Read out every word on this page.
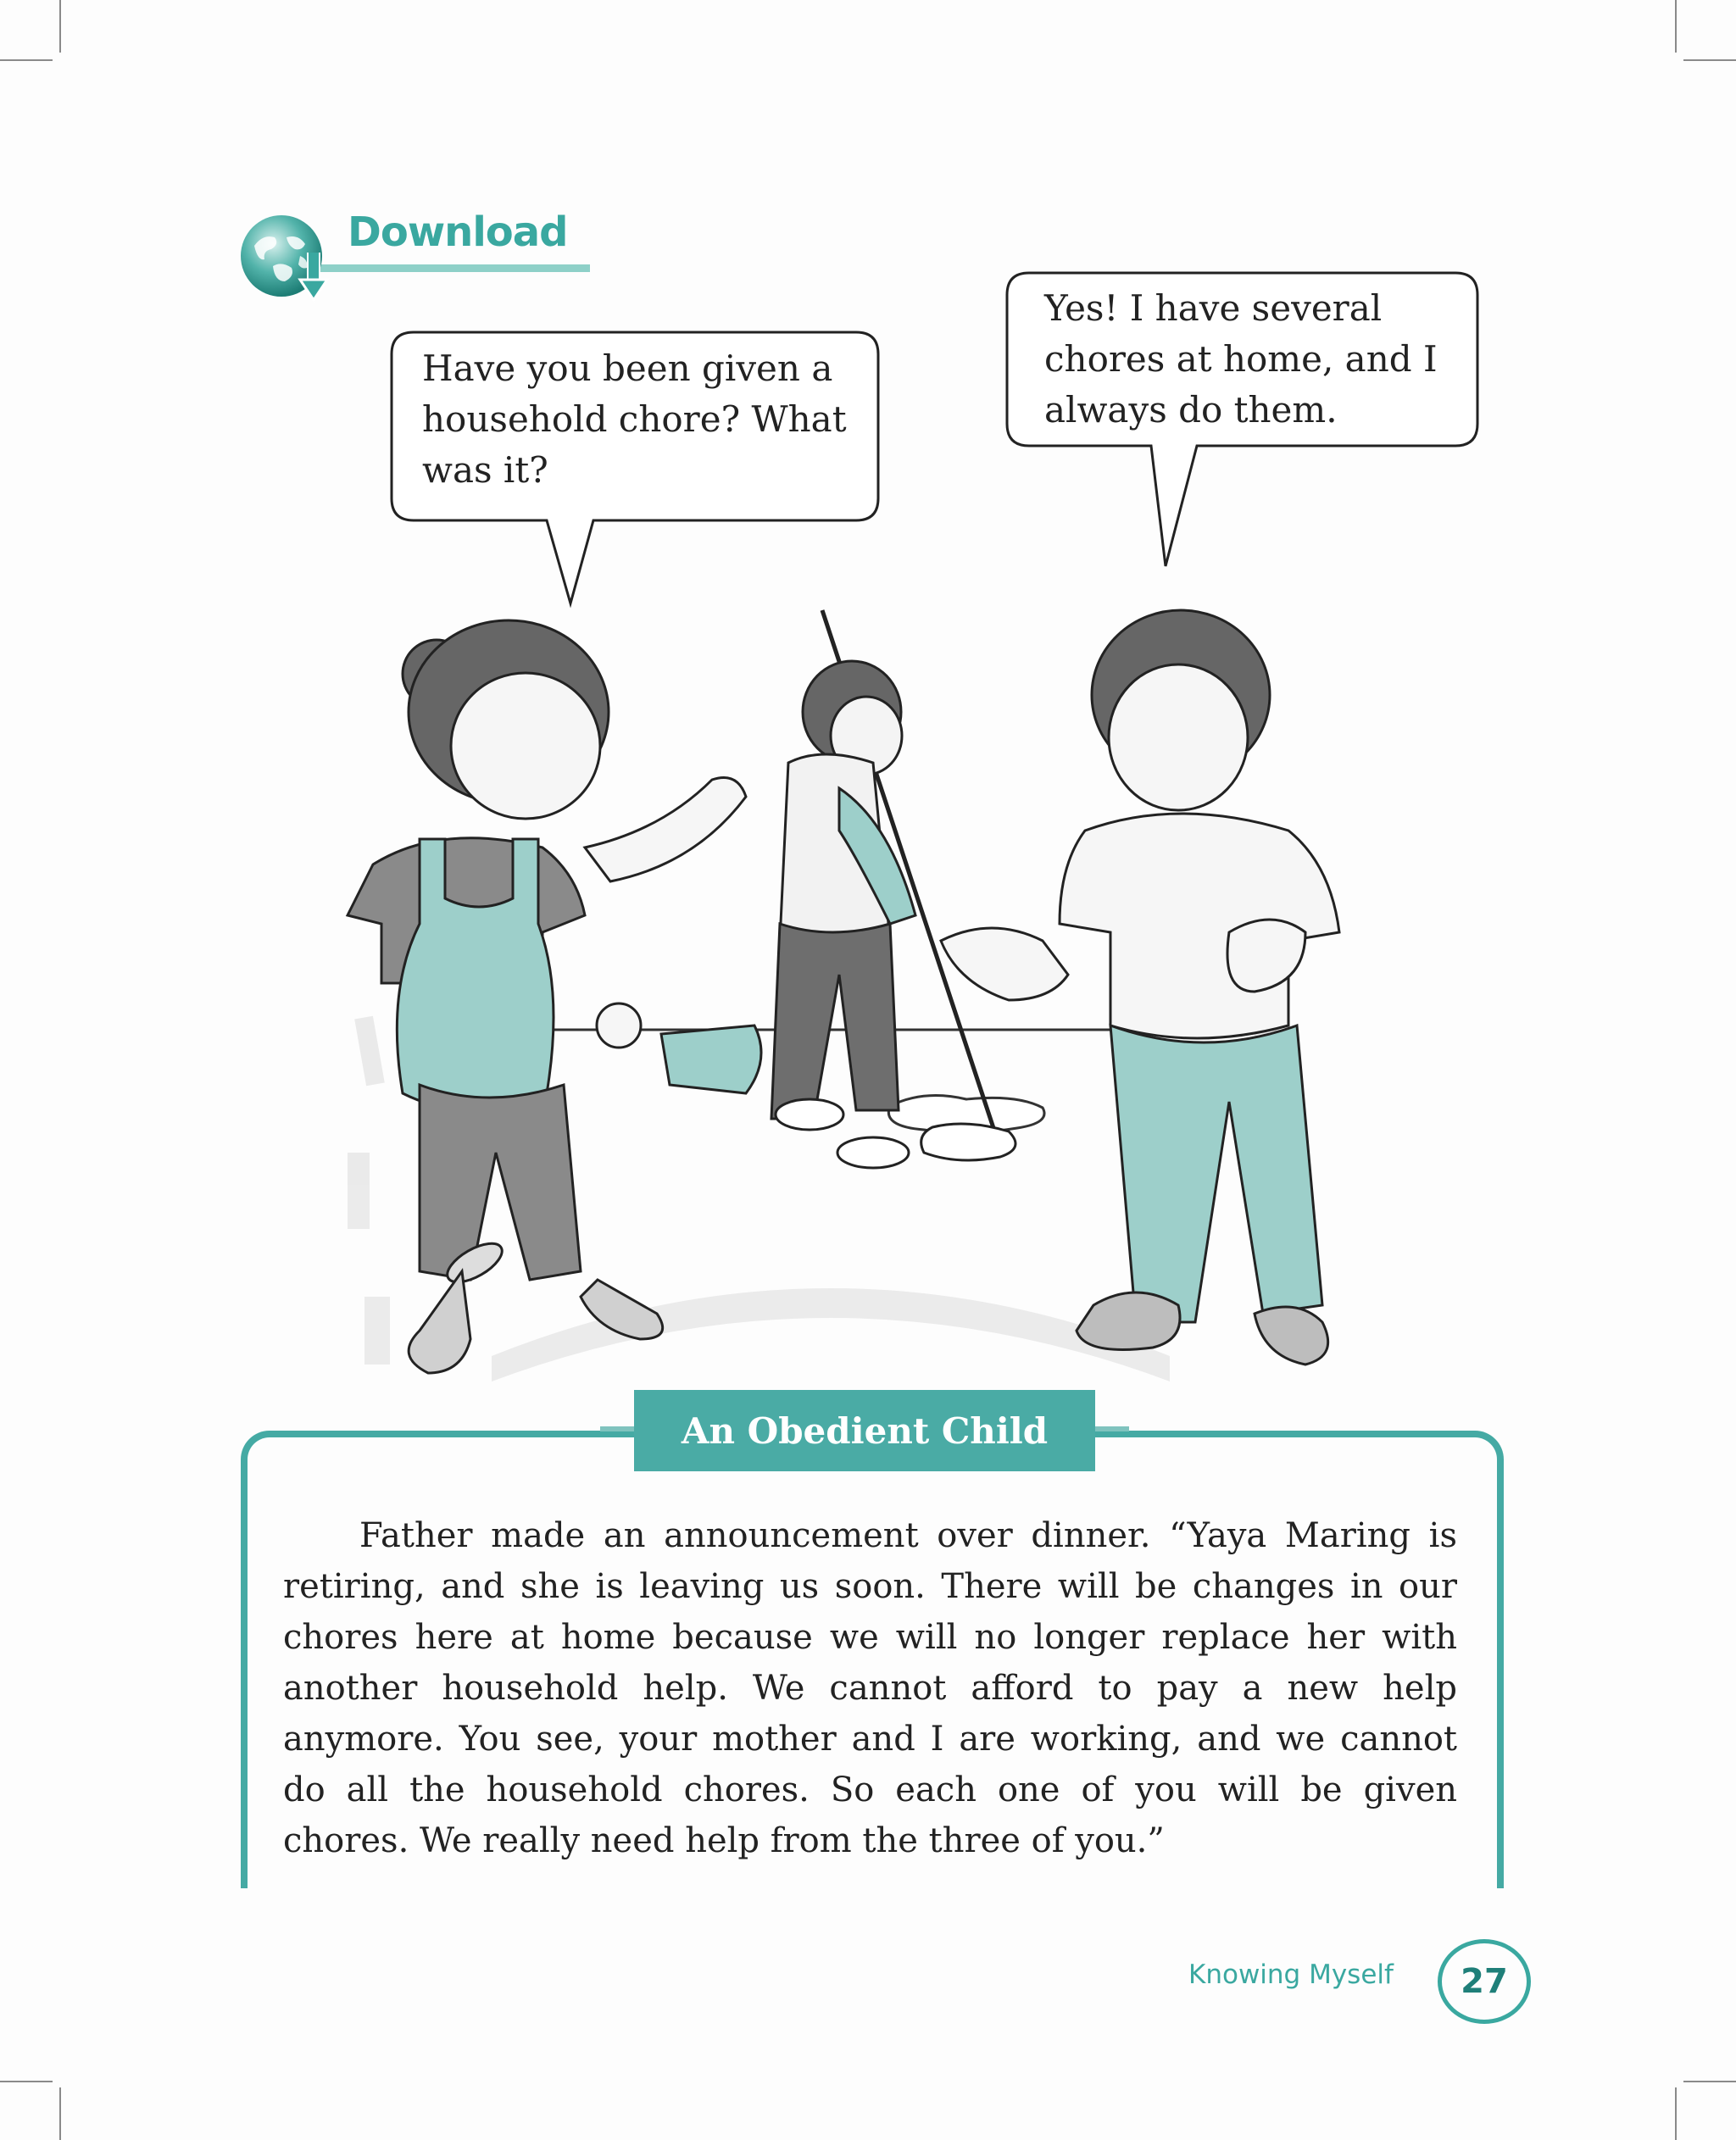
Download
Have you been given a
household chore? What
was it?
Yes! I have several
chores at home, and I
always do them.
An Obedient Child

Father made an announcement over dinner. “Yaya Maring is retiring, and she is leaving us soon. There will be changes in our chores here at home because we will no longer replace her with another household help. We cannot afford to pay a new help anymore. You see, your mother and I are working, and we cannot do all the household chores. So each one of you will be given chores. We really need help from the three of you.”

Knowing Myself	27
